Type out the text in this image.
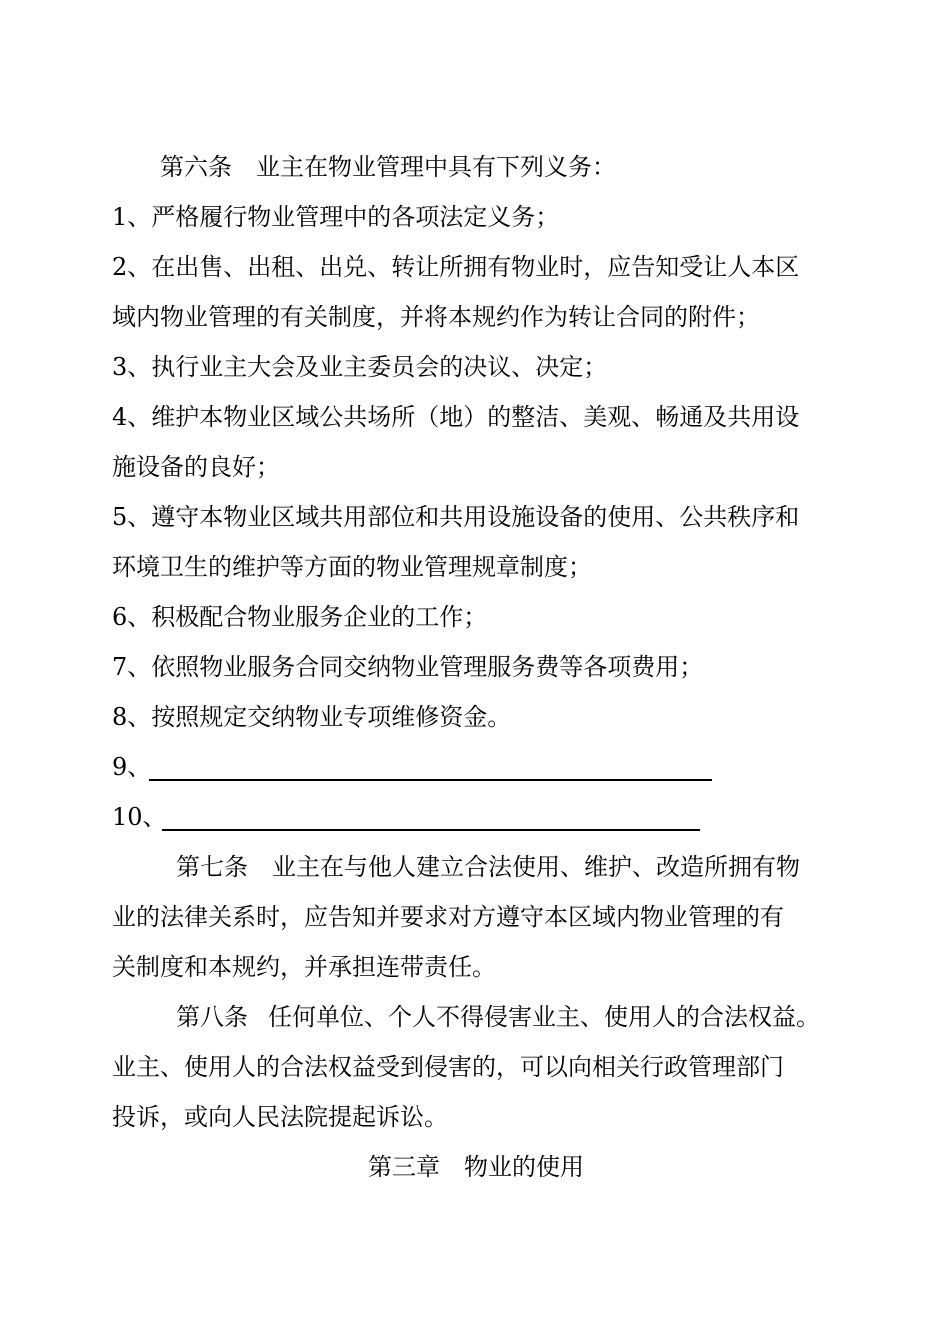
第六条 业主在物业管理中具有下列义务：
1、严格履行物业管理中的各项法定义务；
2、在出售、出租、出兑、转让所拥有物业时，应告知受让人本区
域内物业管理的有关制度，并将本规约作为转让合同的附件；
3、执行业主大会及业主委员会的决议、决定；
4、维护本物业区域公共场所（地）的整洁、美观、畅通及共用设
施设备的良好；
5、遵守本物业区域共用部位和共用设施设备的使用、公共秩序和
环境卫生的维护等方面的物业管理规章制度；
6、积极配合物业服务企业的工作；
7、依照物业服务合同交纳物业管理服务费等各项费用；
8、按照规定交纳物业专项维修资金。
9、
10、
第七条 业主在与他人建立合法使用、维护、改造所拥有物
业的法律关系时，应告知并要求对方遵守本区域内物业管理的有
关制度和本规约，并承担连带责任。
第八条 任何单位、个人不得侵害业主、使用人的合法权益。
业主、使用人的合法权益受到侵害的，可以向相关行政管理部门
投诉，或向人民法院提起诉讼。
第三章 物业的使用
